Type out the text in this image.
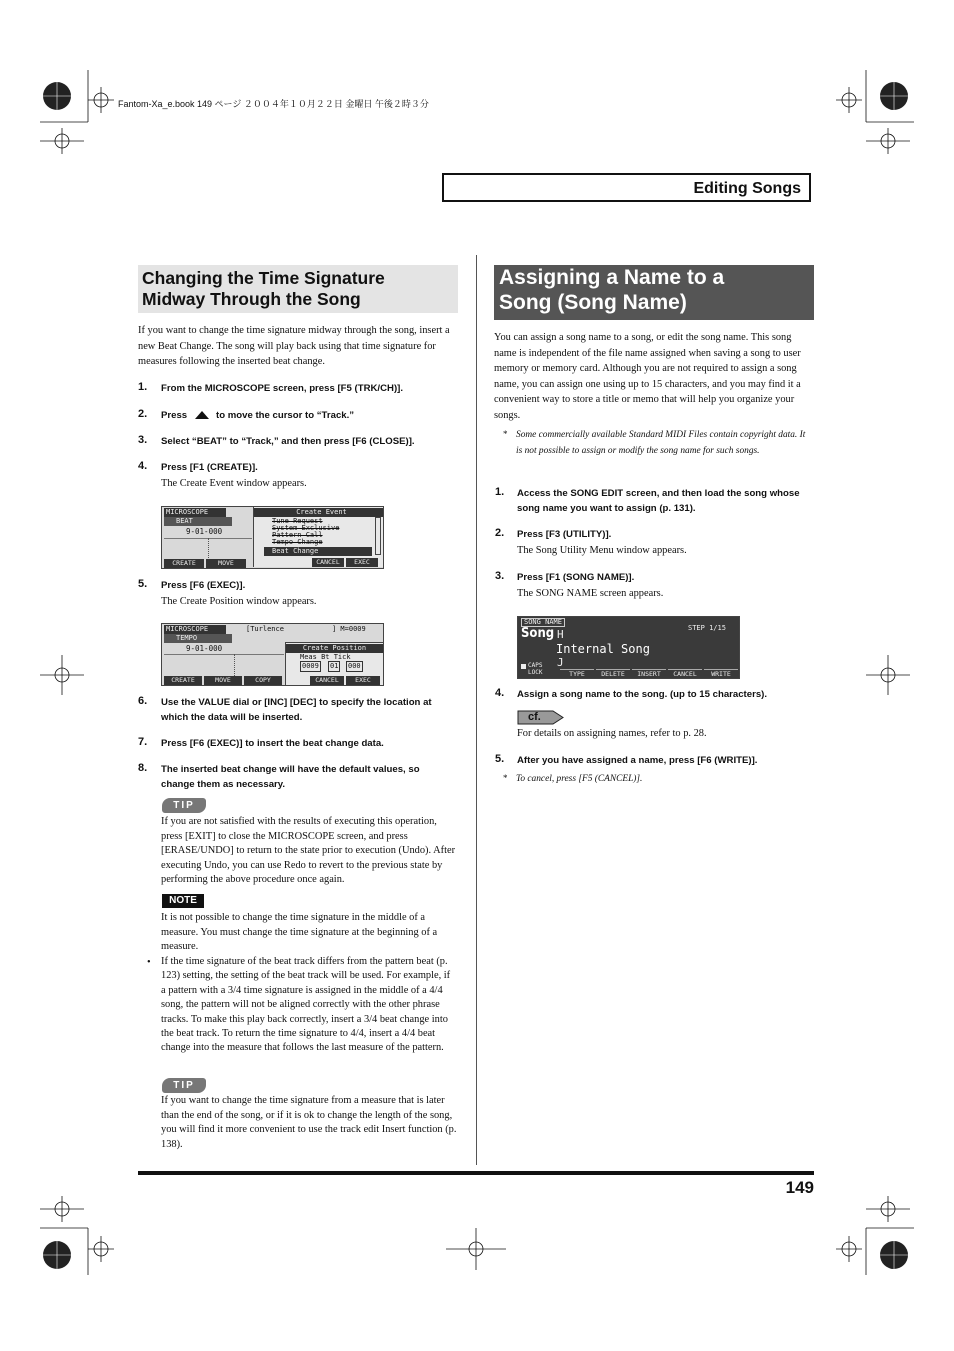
Fantom-Xa_e.book 149 ページ ２００４年１０月２２日 金曜日 午後２時３分
Editing Songs
Changing the Time Signature
Midway Through the Song
If you want to change the time signature midway through the song, insert a new Beat Change. The song will play back using that time signature for measures following the inserted beat change.
1. From the MICROSCOPE screen, press [F5 (TRK/CH)].
2. Press	to move the cursor to “Track.”
3. Select “BEAT” to “Track,” and then press [F6 (CLOSE)].
4. Press [F1 (CREATE)].
The Create Event window appears.
MICROSCOPE
BEAT
9-01-000
Create Event
Tune Request
System Exclusive
Pattern Call
Tempo Change
Beat Change
CANCEL	EXEC
CREATE	MOVE
5. Press [F6 (EXEC)].
The Create Position window appears.
MICROSCOPE	[Turlence	] M=0009
TEMPO
9-01-000	Create Position
Meas Bt Tick
0009 01 000
CANCEL	EXEC
CREATE	MOVE	COPY
6. Use the VALUE dial or [INC] [DEC] to specify the location at which the data will be inserted.
7. Press [F6 (EXEC)] to insert the beat change data.
8. The inserted beat change will have the default values, so change them as necessary.
TIP
If you are not satisfied with the results of executing this operation, press [EXIT] to close the MICROSCOPE screen, and press [ERASE/UNDO] to return to the state prior to execution (Undo). After executing Undo, you can use Redo to revert to the previous state by performing the above procedure once again.
NOTE
It is not possible to change the time signature in the middle of a measure. You must change the time signature at the beginning of a measure.
• If the time signature of the beat track differs from the pattern beat (p. 123) setting, the setting of the beat track will be used. For example, if a pattern with a 3/4 time signature is assigned in the middle of a 4/4 song, the pattern will not be aligned correctly with the other phrase tracks. To make this play back correctly, insert a 3/4 beat change into the beat track. To return the time signature to 4/4, insert a 4/4 beat change into the measure that follows the last measure of the pattern.
TIP
If you want to change the time signature from a measure that is later than the end of the song, or if it is ok to change the length of the song, you will find it more convenient to use the track edit Insert function (p. 138).
Assigning a Name to a
Song (Song Name)
You can assign a song name to a song, or edit the song name. This song name is independent of the file name assigned when saving a song to user memory or memory card. Although you are not required to assign a song name, you can assign one using up to 15 characters, and you may find it a convenient way to store a title or memo that will help you organize your songs.
* Some commercially available Standard MIDI Files contain copyright data. It is not possible to assign or modify the song name for such songs.
1. Access the SONG EDIT screen, and then load the song whose song name you want to assign (p. 131).
2. Press [F3 (UTILITY)].
The Song Utility Menu window appears.
3. Press [F1 (SONG NAME)].
The SONG NAME screen appears.
SONG NAME
STEP 1/15
Song H
Internal Song
J
CAPS
LOCK	TYPE	DELETE	INSERT	CANCEL	WRITE
4. Assign a song name to the song. (up to 15 characters).
cf.
For details on assigning names, refer to p. 28.
5. After you have assigned a name, press [F6 (WRITE)].
* To cancel, press [F5 (CANCEL)].
149
